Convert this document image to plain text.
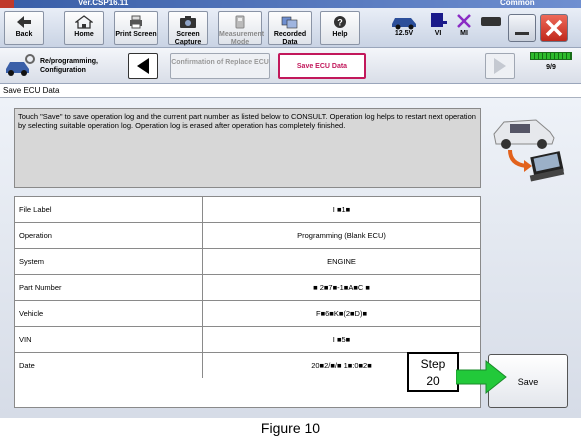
Ver.CSP16.11	Common
Back	Home	Print Screen	Screen Capture
Measurement Mode
Recorded Data
?
Help	12.5V	VI	MI
Re/programming, Configuration
Confirmation of Replace ECU
Save ECU Data	9/9
Save ECU Data
Touch "Save" to save operation log and the current part number as listed below to CONSULT. Operation log helps to restart next operation by selecting suitable operation log. Operation log is erased after operation has completely finished.
File Label	I ■1■
Operation	Programming (Blank ECU)
System	ENGINE
Part Number	■ 2■7■-1■A■C ■
Vehicle	F■6■K■(2■D)■
VIN	I ■5■
Date	20■2/■/■ 1■:0■2■
Save
Step
20
Figure 10
